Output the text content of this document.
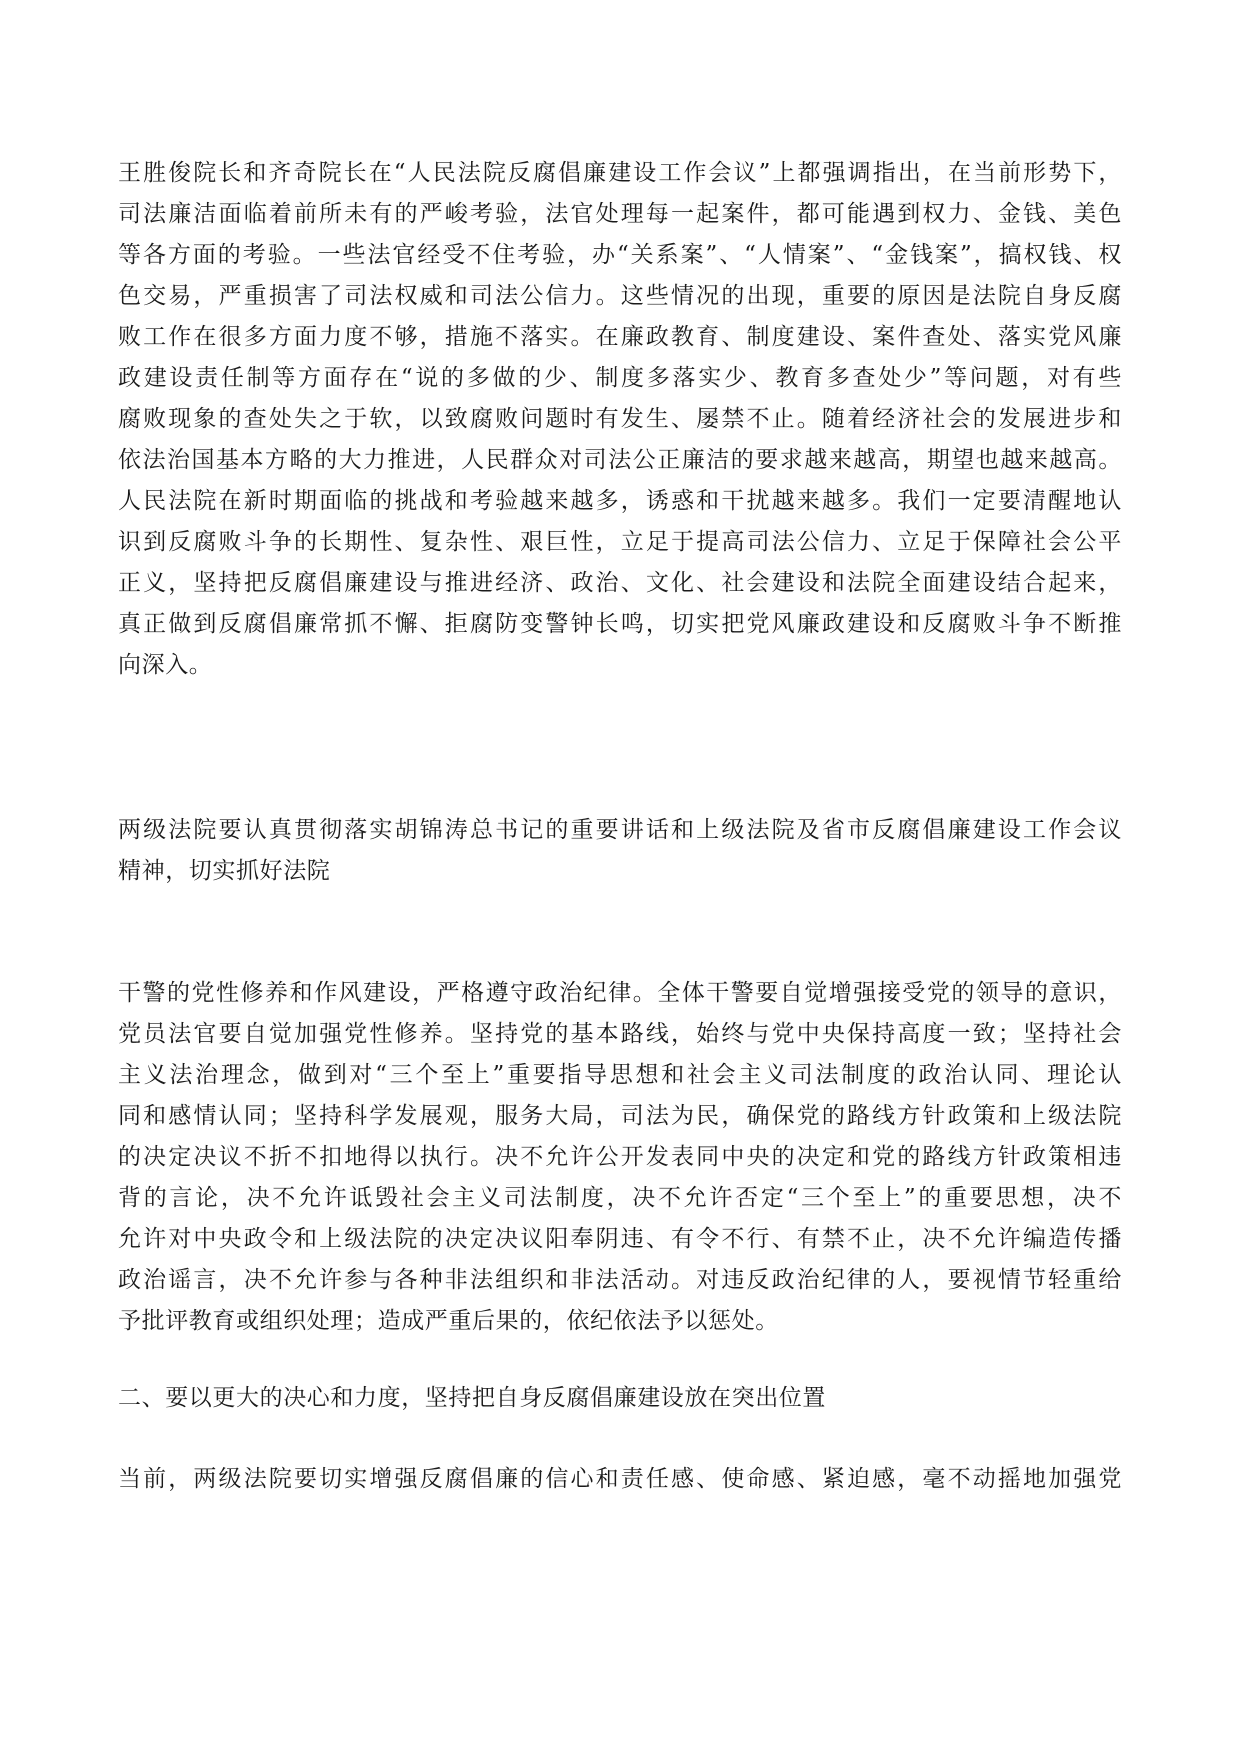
王胜俊院长和齐奇院长在“人民法院反腐倡廉建设工作会议”上都强调指出，在当前形势下，
司法廉洁面临着前所未有的严峻考验，法官处理每一起案件，都可能遇到权力、金钱、美色
等各方面的考验。一些法官经受不住考验，办“关系案”、“人情案”、“金钱案”，搞权钱、权
色交易，严重损害了司法权威和司法公信力。这些情况的出现，重要的原因是法院自身反腐
败工作在很多方面力度不够，措施不落实。在廉政教育、制度建设、案件查处、落实党风廉
政建设责任制等方面存在“说的多做的少、制度多落实少、教育多查处少”等问题，对有些
腐败现象的查处失之于软，以致腐败问题时有发生、屡禁不止。随着经济社会的发展进步和
依法治国基本方略的大力推进，人民群众对司法公正廉洁的要求越来越高，期望也越来越高。
人民法院在新时期面临的挑战和考验越来越多，诱惑和干扰越来越多。我们一定要清醒地认
识到反腐败斗争的长期性、复杂性、艰巨性，立足于提高司法公信力、立足于保障社会公平
正义，坚持把反腐倡廉建设与推进经济、政治、文化、社会建设和法院全面建设结合起来，
真正做到反腐倡廉常抓不懈、拒腐防变警钟长鸣，切实把党风廉政建设和反腐败斗争不断推
向深入。

两级法院要认真贯彻落实胡锦涛总书记的重要讲话和上级法院及省市反腐倡廉建设工作会议
精神，切实抓好法院

干警的党性修养和作风建设，严格遵守政治纪律。全体干警要自觉增强接受党的领导的意识，
党员法官要自觉加强党性修养。坚持党的基本路线，始终与党中央保持高度一致；坚持社会
主义法治理念，做到对“三个至上”重要指导思想和社会主义司法制度的政治认同、理论认
同和感情认同；坚持科学发展观，服务大局，司法为民，确保党的路线方针政策和上级法院
的决定决议不折不扣地得以执行。决不允许公开发表同中央的决定和党的路线方针政策相违
背的言论，决不允许诋毁社会主义司法制度，决不允许否定“三个至上”的重要思想，决不
允许对中央政令和上级法院的决定决议阳奉阴违、有令不行、有禁不止，决不允许编造传播
政治谣言，决不允许参与各种非法组织和非法活动。对违反政治纪律的人，要视情节轻重给
予批评教育或组织处理；造成严重后果的，依纪依法予以惩处。

二、要以更大的决心和力度，坚持把自身反腐倡廉建设放在突出位置

当前，两级法院要切实增强反腐倡廉的信心和责任感、使命感、紧迫感，毫不动摇地加强党
